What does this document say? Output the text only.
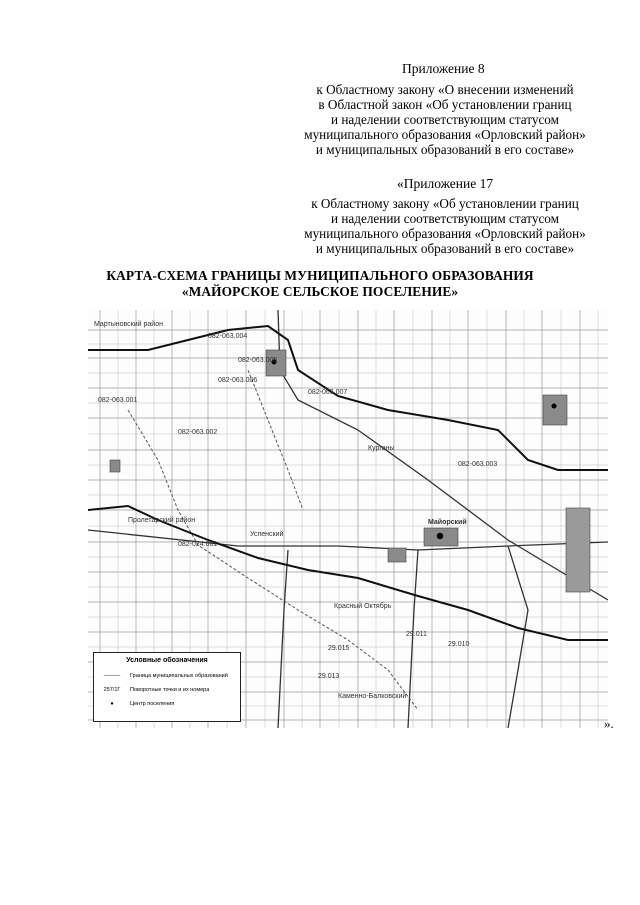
Приложение 8
к Областному закону «О внесении изменений
в Областной закон «Об установлении границ
и наделении соответствующим статусом
муниципального образования «Орловский район»
и муниципальных образований в его составе»
«Приложение 17
к Областному закону «Об установлении границ
и наделении соответствующим статусом
муниципального образования «Орловский район»
и муниципальных образований в его составе»
КАРТА-СХЕМА ГРАНИЦЫ МУНИЦИПАЛЬНОГО ОБРАЗОВАНИЯ
«МАЙОРСКОЕ СЕЛЬСКОЕ ПОСЕЛЕНИЕ»
082-063.004
082-063.005
082-063.006
082-063.007
082-063.001
082-063.002
082-063.003
082-024.001
29.015
29.011
29.010
29.013
Майорский
Курганы
Пролетарский район
Успенский
Красный Октябрь
Каменно-Балковский
Мартыновский район
Условные обозначения
———	Граница муниципальных образований
257/1Г	Поворотные точки и их номера
●	Центр поселения
».
